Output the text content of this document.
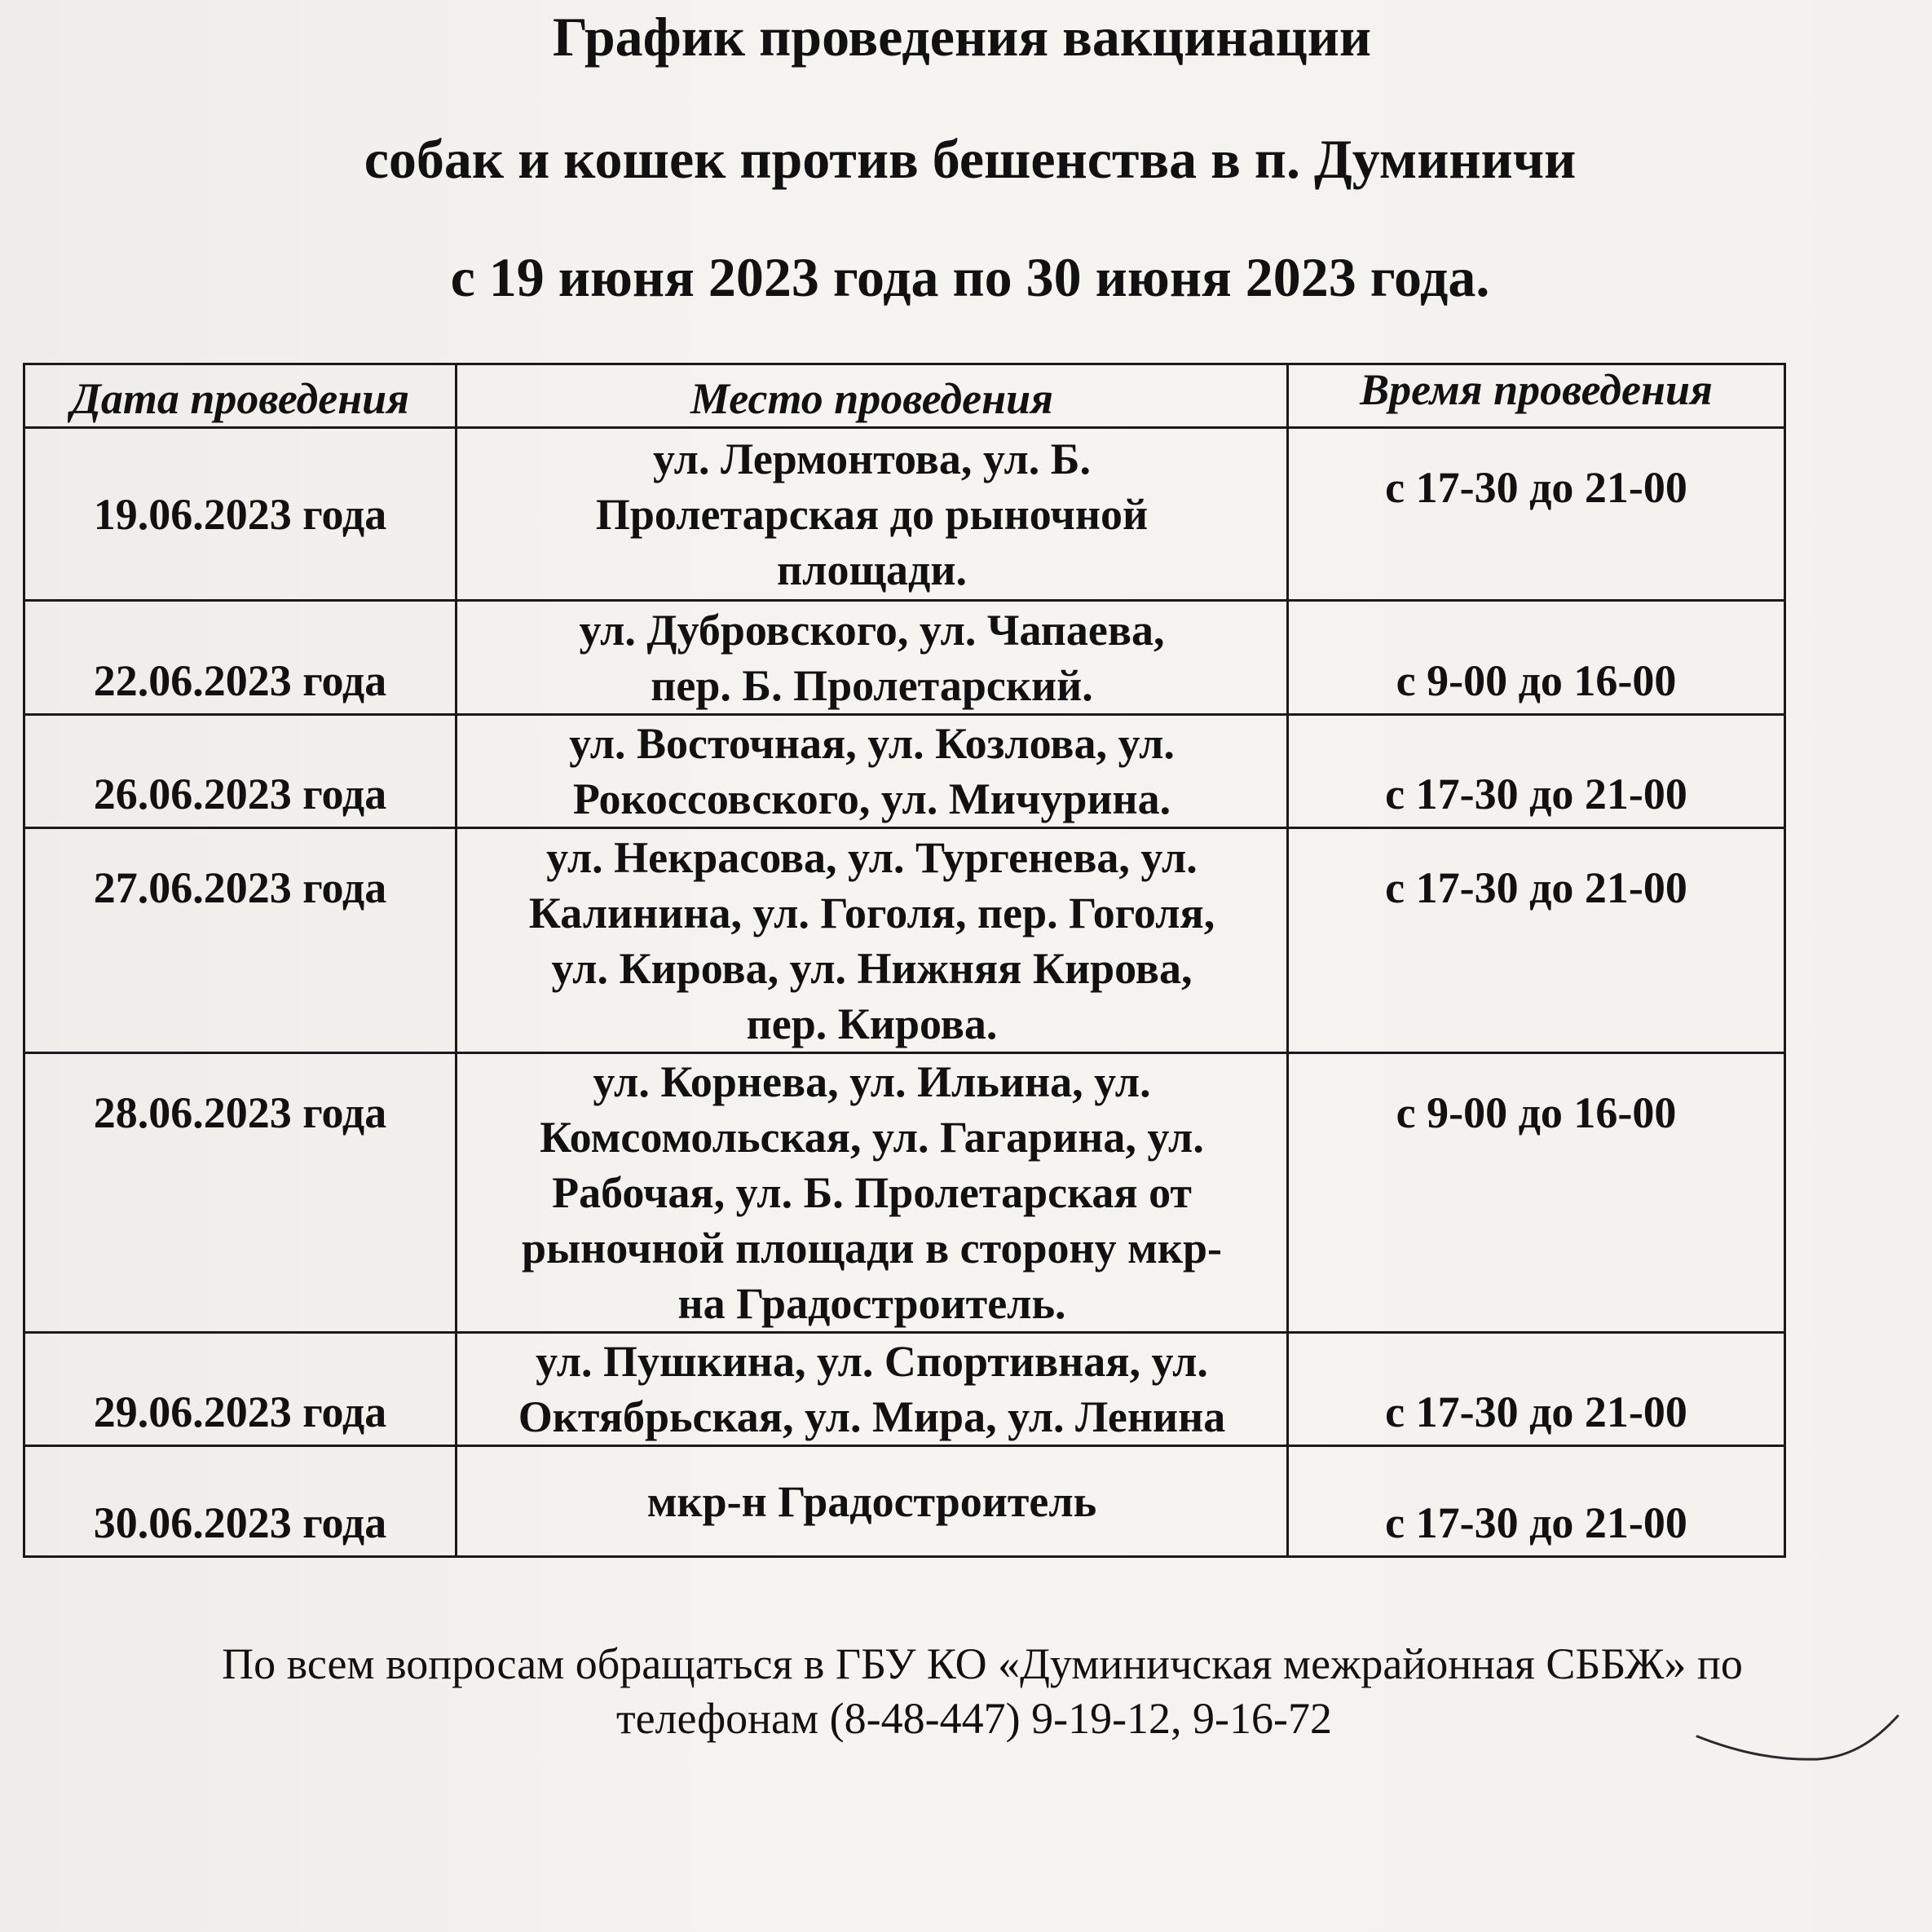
График проведения вакцинации
собак и кошек против бешенства в п. Думиничи
с 19 июня 2023 года по 30 июня 2023 года.
Дата проведения	Место проведения	Время проведения
19.06.2023 года	ул. Лермонтова, ул. Б.
Пролетарская до рыночной
площади.	с 17-30 до 21-00
22.06.2023 года	ул. Дубровского, ул. Чапаева,
пер. Б. Пролетарский.	с 9-00 до 16-00
26.06.2023 года	ул. Восточная, ул. Козлова, ул.
Рокоссовского, ул. Мичурина.	с 17-30 до 21-00
27.06.2023 года	ул. Некрасова, ул. Тургенева, ул.
Калинина, ул. Гоголя, пер. Гоголя,
ул. Кирова, ул. Нижняя Кирова,
пер. Кирова.	с 17-30 до 21-00
28.06.2023 года	ул. Корнева, ул. Ильина, ул.
Комсомольская, ул. Гагарина, ул.
Рабочая, ул. Б. Пролетарская от
рыночной площади в сторону мкр-
на Градостроитель.	с 9-00 до 16-00
29.06.2023 года	ул. Пушкина, ул. Спортивная, ул.
Октябрьская, ул. Мира, ул. Ленина	с 17-30 до 21-00
30.06.2023 года	мкр-н Градостроитель	с 17-30 до 21-00
По всем вопросам обращаться в ГБУ КО «Думиничская межрайонная СББЖ» по
телефонам (8-48-447) 9-19-12, 9-16-72
